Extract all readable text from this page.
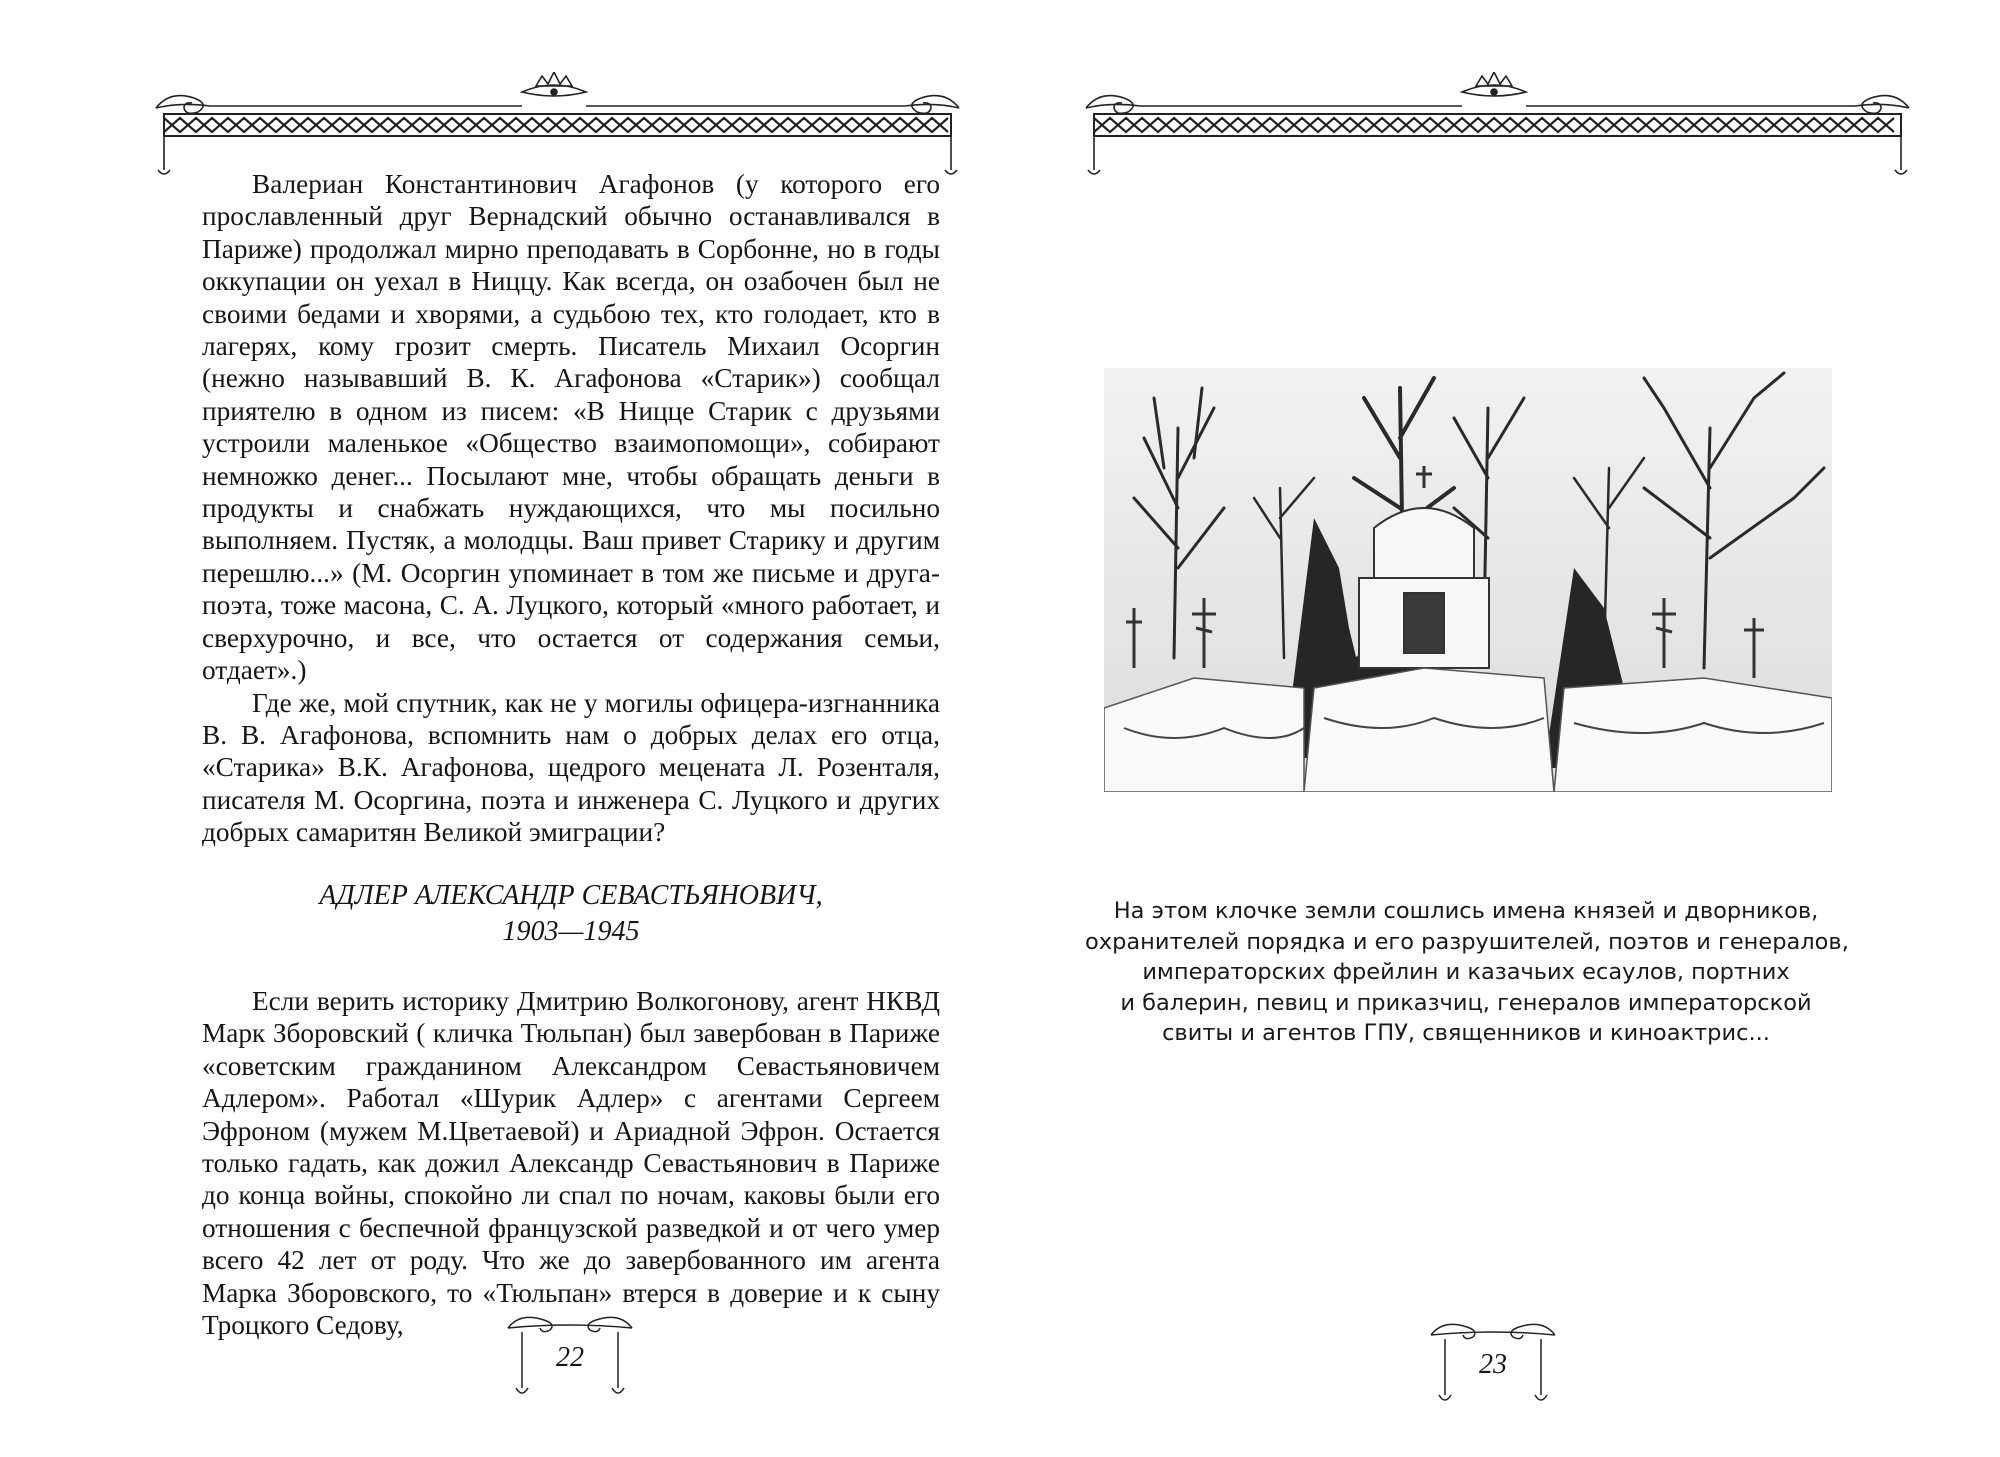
Валериан Константинович Агафонов (у которого его прославленный друг Вернадский обычно останавливался в Париже) продолжал мирно преподавать в Сорбонне, но в годы оккупации он уехал в Ниццу. Как всегда, он озабочен был не своими бедами и хворями, а судьбою тех, кто голодает, кто в лагерях, кому грозит смерть. Писатель Михаил Осоргин (нежно называвший В. К. Агафонова «Старик») сообщал приятелю в одном из писем: «В Ницце Старик с друзьями устроили маленькое «Общество взаимопомощи», собирают немножко денег... Посылают мне, чтобы обращать деньги в продукты и снабжать нуждающихся, что мы посильно выполняем. Пустяк, а молодцы. Ваш привет Старику и другим перешлю...» (М. Осоргин упоминает в том же письме и друга-поэта, тоже масона, С. А. Луцкого, который «много работает, и сверхурочно, и все, что остается от содержания семьи, отдает».)

Где же, мой спутник, как не у могилы офицера-изгнанника В. В. Агафонова, вспомнить нам о добрых делах его отца, «Старика» В.К. Агафонова, щедрого мецената Л. Розенталя, писателя М. Осоргина, поэта и инженера С. Луцкого и других добрых самаритян Великой эмиграции?

АДЛЕР АЛЕКСАНДР СЕВАСТЬЯНОВИЧ,
1903—1945

Если верить историку Дмитрию Волкогонову, агент НКВД Марк Зборовский ( кличка Тюльпан) был завербован в Париже «советским гражданином Александром Севастьяновичем Адлером». Работал «Шурик Адлер» с агентами Сергеем Эфроном (мужем М.Цветаевой) и Ариадной Эфрон. Остается только гадать, как дожил Александр Севастьянович в Париже до конца войны, спокойно ли спал по ночам, каковы были его отношения с беспечной французской разведкой и от чего умер всего 42 лет от роду. Что же до завербованного им агента Марка Зборовского, то «Тюльпан» втерся в доверие и к сыну Троцкого Седову,

22
На этом клочке земли сошлись имена князей и дворников,
охранителей порядка и его разрушителей, поэтов и генералов,
императорских фрейлин и казачьих есаулов, портних
и балерин, певиц и приказчиц, генералов императорской
свиты и агентов ГПУ, священников и киноактрис...
23
